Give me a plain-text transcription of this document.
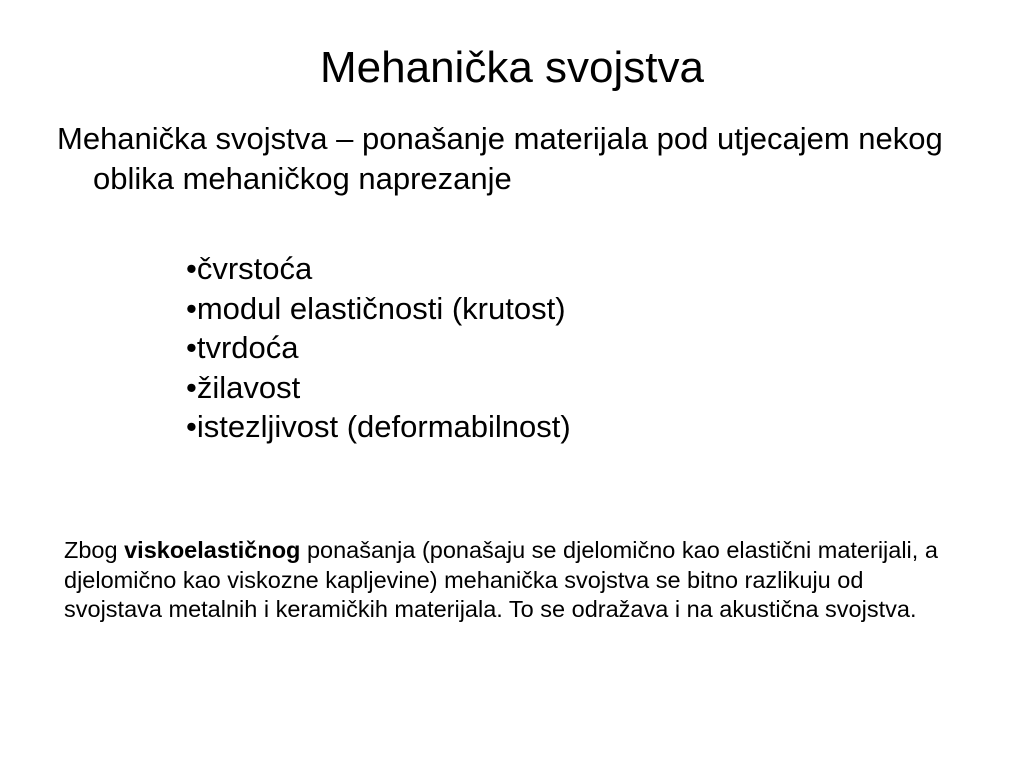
Mehanička svojstva

Mehanička svojstva – ponašanje materijala pod utjecajem nekog oblika mehaničkog naprezanje

•čvrstoća
•modul elastičnosti (krutost)
•tvrdoća
•žilavost
•istezljivost (deformabilnost)

Zbog viskoelastičnog ponašanja (ponašaju se djelomično kao elastični materijali, a djelomično kao viskozne kapljevine) mehanička svojstva se bitno razlikuju od svojstava metalnih i keramičkih materijala. To se odražava i na akustična svojstva.
